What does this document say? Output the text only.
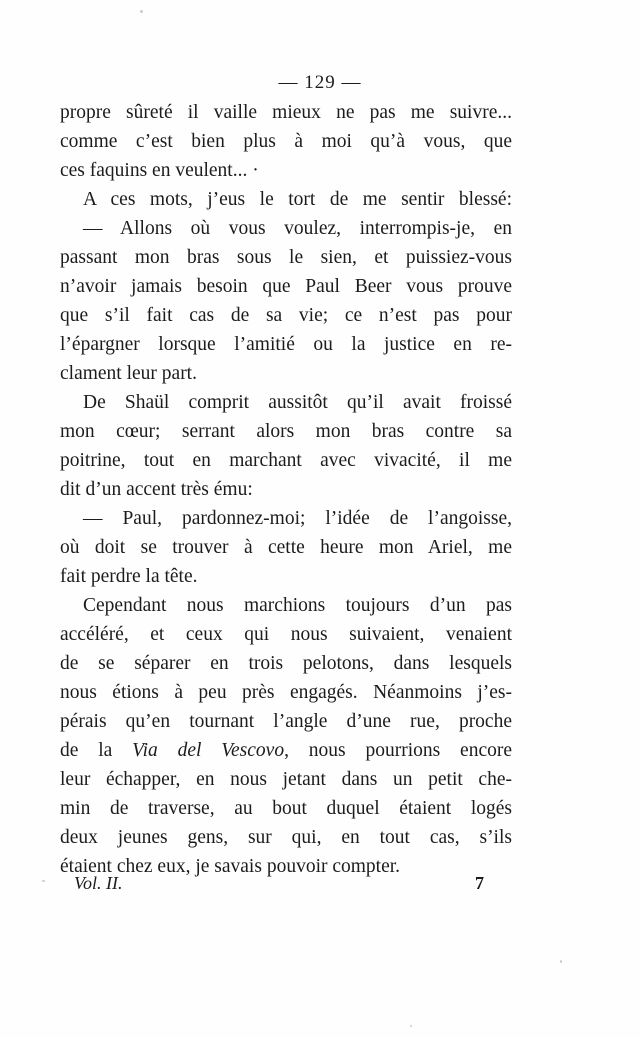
— 129 —
propre sûreté il vaille mieux ne pas me suivre...
comme c’est bien plus à moi qu’à vous, que
ces faquins en veulent... ·
A ces mots, j’eus le tort de me sentir blessé:
— Allons où vous voulez, interrompis-je, en
passant mon bras sous le sien, et puissiez-vous
n’avoir jamais besoin que Paul Beer vous prouve
que s’il fait cas de sa vie; ce n’est pas pour
l’épargner lorsque l’amitié ou la justice en re-
clament leur part.
De Shaül comprit aussitôt qu’il avait froissé
mon cœur; serrant alors mon bras contre sa
poitrine, tout en marchant avec vivacité, il me
dit d’un accent très ému:
— Paul, pardonnez-moi; l’idée de l’angoisse,
où doit se trouver à cette heure mon Ariel, me
fait perdre la tête.
Cependant nous marchions toujours d’un pas
accéléré, et ceux qui nous suivaient, venaient
de se séparer en trois pelotons, dans lesquels
nous étions à peu près engagés. Néanmoins j’es-
pérais qu’en tournant l’angle d’une rue, proche
de la Via del Vescovo, nous pourrions encore
leur échapper, en nous jetant dans un petit che-
min de traverse, au bout duquel étaient logés
deux jeunes gens, sur qui, en tout cas, s’ils
étaient chez eux, je savais pouvoir compter.
Vol. II.	7
